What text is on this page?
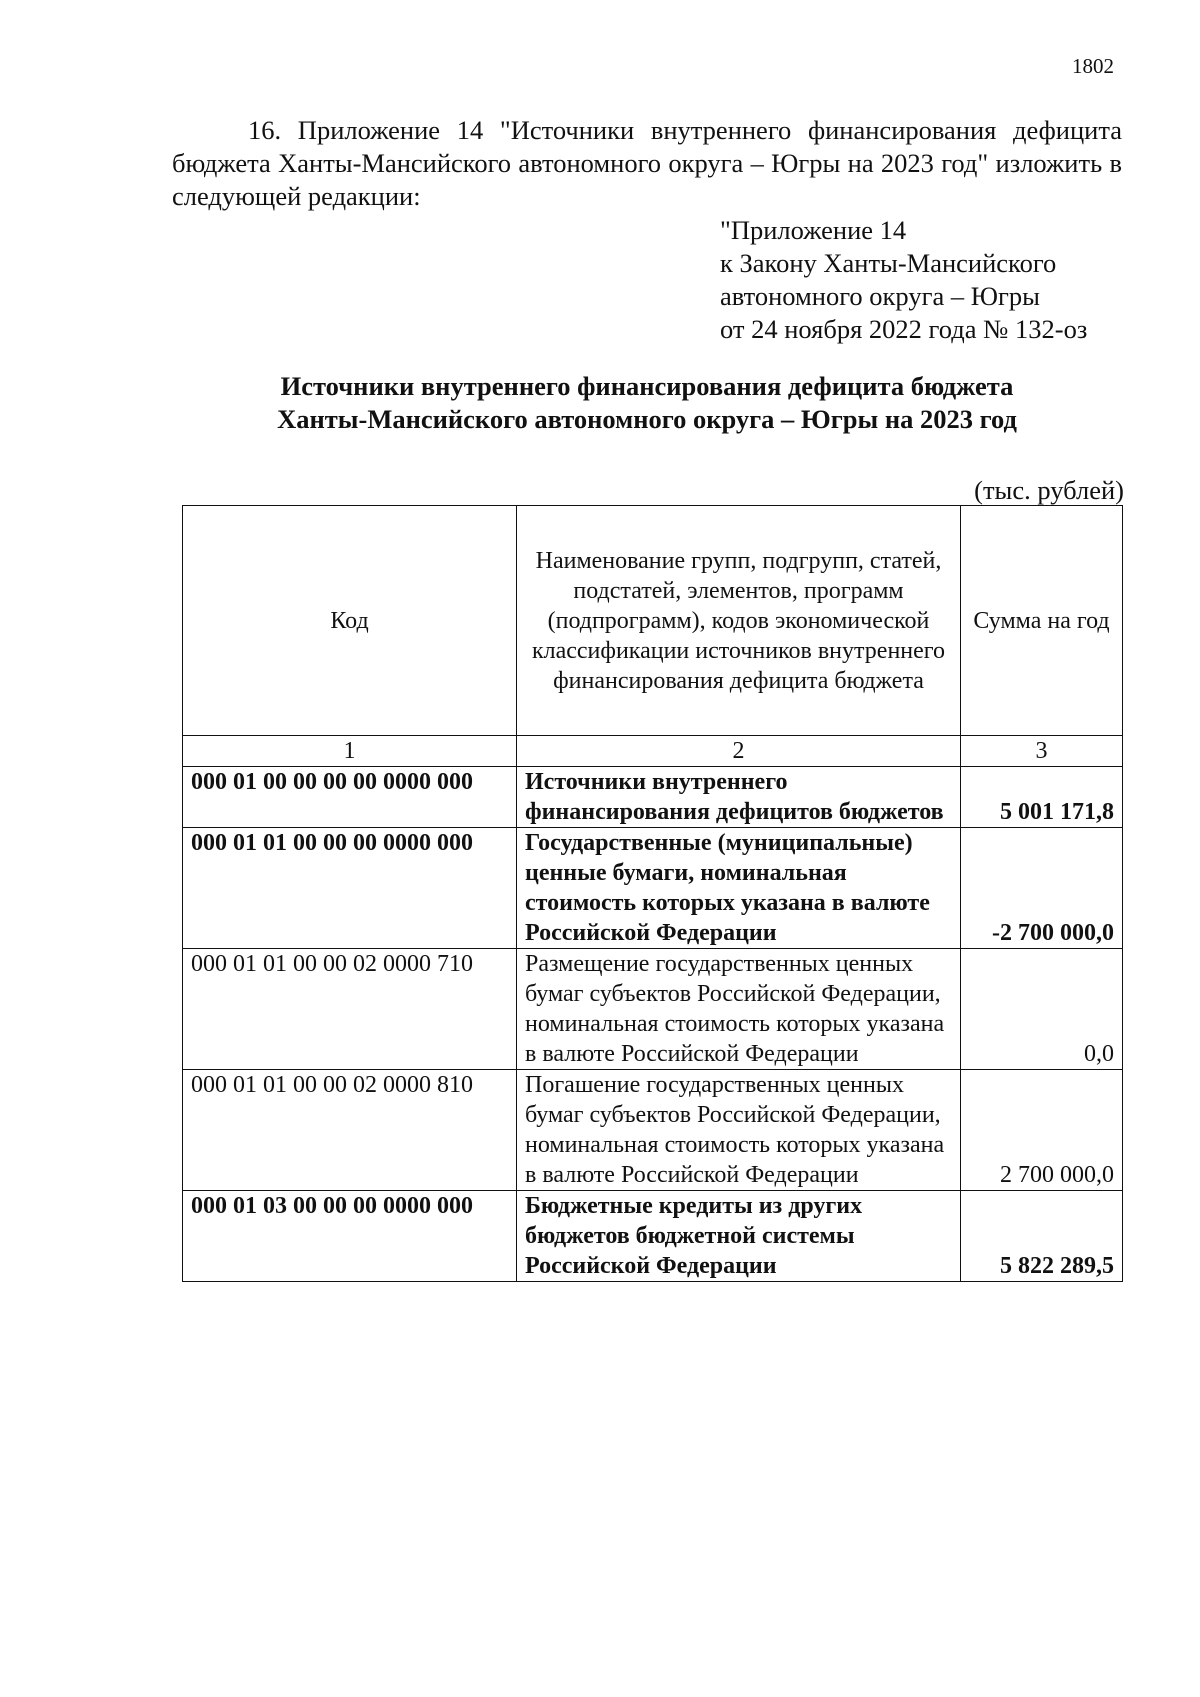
1802

16. Приложение 14 "Источники внутреннего финансирования дефицита бюджета Ханты-Мансийского автономного округа – Югры на 2023 год" изложить в следующей редакции:

"Приложение 14
к Закону Ханты-Мансийского
автономного округа – Югры
от 24 ноября 2022 года № 132-оз
Источники внутреннего финансирования дефицита бюджета
Ханты-Мансийского автономного округа – Югры на 2023 год
(тыс. рублей)
Код	Наименование групп, подгрупп, статей, подстатей, элементов, программ (подпрограмм), кодов экономической классификации источников внутреннего финансирования дефицита бюджета	Сумма на год
1	2	3
000 01 00 00 00 00 0000 000	Источники внутреннего финансирования дефицитов бюджетов	5 001 171,8
000 01 01 00 00 00 0000 000	Государственные (муниципальные) ценные бумаги, номинальная стоимость которых указана в валюте Российской Федерации	-2 700 000,0
000 01 01 00 00 02 0000 710	Размещение государственных ценных бумаг субъектов Российской Федерации, номинальная стоимость которых указана в валюте Российской Федерации	0,0
000 01 01 00 00 02 0000 810	Погашение государственных ценных бумаг субъектов Российской Федерации, номинальная стоимость которых указана в валюте Российской Федерации	2 700 000,0
000 01 03 00 00 00 0000 000	Бюджетные кредиты из других бюджетов бюджетной системы Российской Федерации	5 822 289,5
